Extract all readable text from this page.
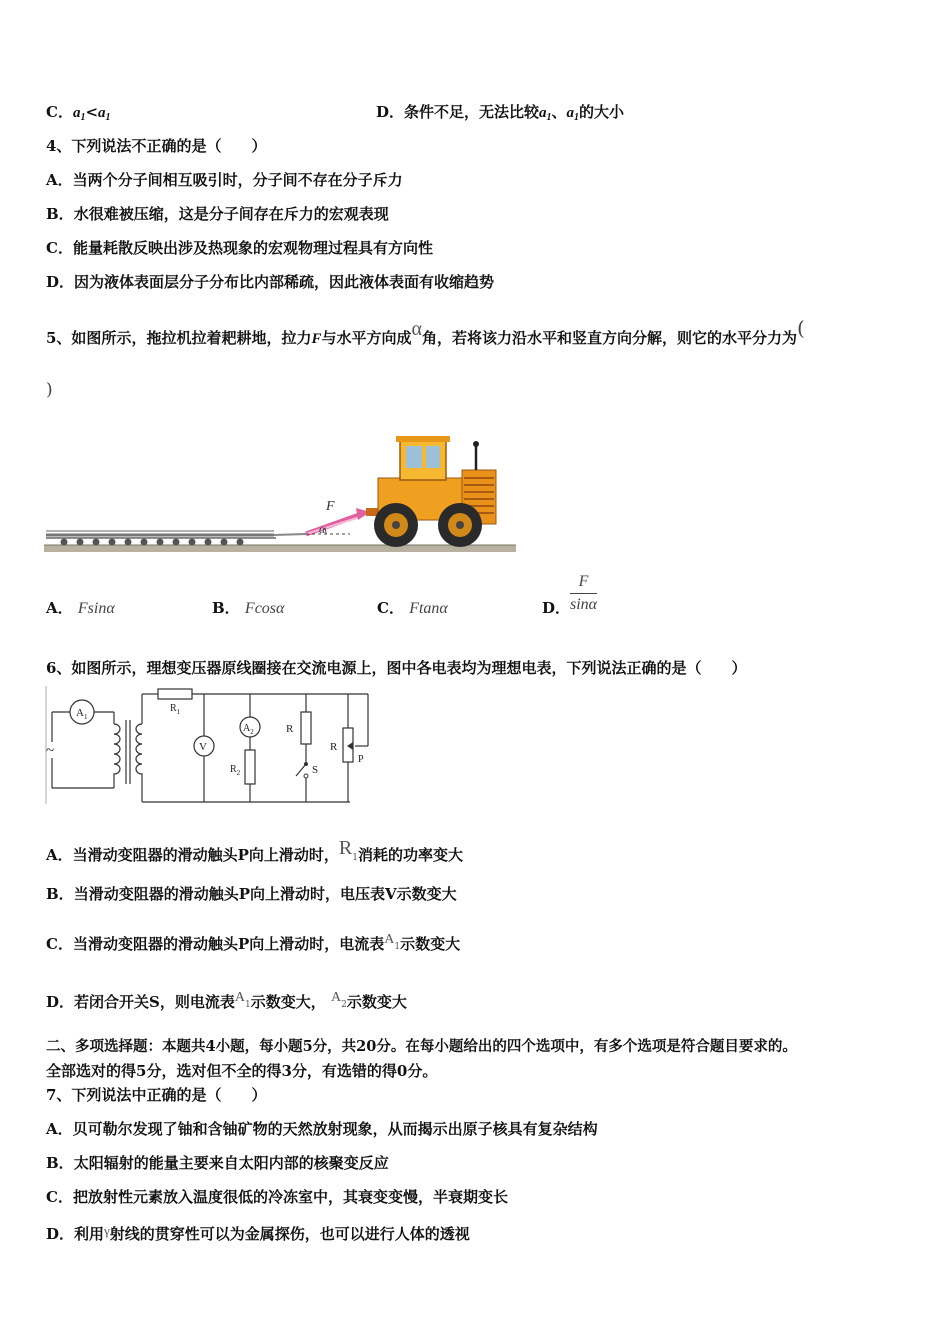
C．$a_1<a_1$	D．条件不足，无法比较$a_1$、$a_1$的大小
4、下列说法不正确的是（　　）
A．当两个分子间相互吸引时，分子间不存在分子斥力
B．水很难被压缩，这是分子间存在斥力的宏观表现
C．能量耗散反映出涉及热现象的宏观物理过程具有方向性
D．因为液体表面层分子分布比内部稀疏，因此液体表面有收缩趋势
5、如图所示，拖拉机拉着耙耕地，拉力F与水平方向成α角，若将该力沿水平和竖直方向分解，则它的水平分力为(
)
F
α
A． Fsinα	B． Fcosα	C． Ftanα	D． $\frac{F}{\sin\alpha}$
6、如图所示，理想变压器原线圈接在交流电源上，图中各电表均为理想电表，下列说法正确的是（　　）
$A_1$
~	V
$A_2$
$R_1$
$R_2$
R
R
S
P
A．当滑动变阻器的滑动触头P向上滑动时，R1消耗的功率变大
B．当滑动变阻器的滑动触头P向上滑动时，电压表V示数变大
C．当滑动变阻器的滑动触头P向上滑动时，电流表A1示数变大
D．若闭合开关S，则电流表A1示数变大， A2示数变大
二、多项选择题：本题共4小题，每小题5分，共20分。在每小题给出的四个选项中，有多个选项是符合题目要求的。
全部选对的得5分，选对但不全的得3分，有选错的得0分。
7、下列说法中正确的是（　　）
A．贝可勒尔发现了铀和含铀矿物的天然放射现象，从而揭示出原子核具有复杂结构
B．太阳辐射的能量主要来自太阳内部的核聚变反应
C．把放射性元素放入温度很低的冷冻室中，其衰变变慢，半衰期变长
D．利用γ射线的贯穿性可以为金属探伤，也可以进行人体的透视
